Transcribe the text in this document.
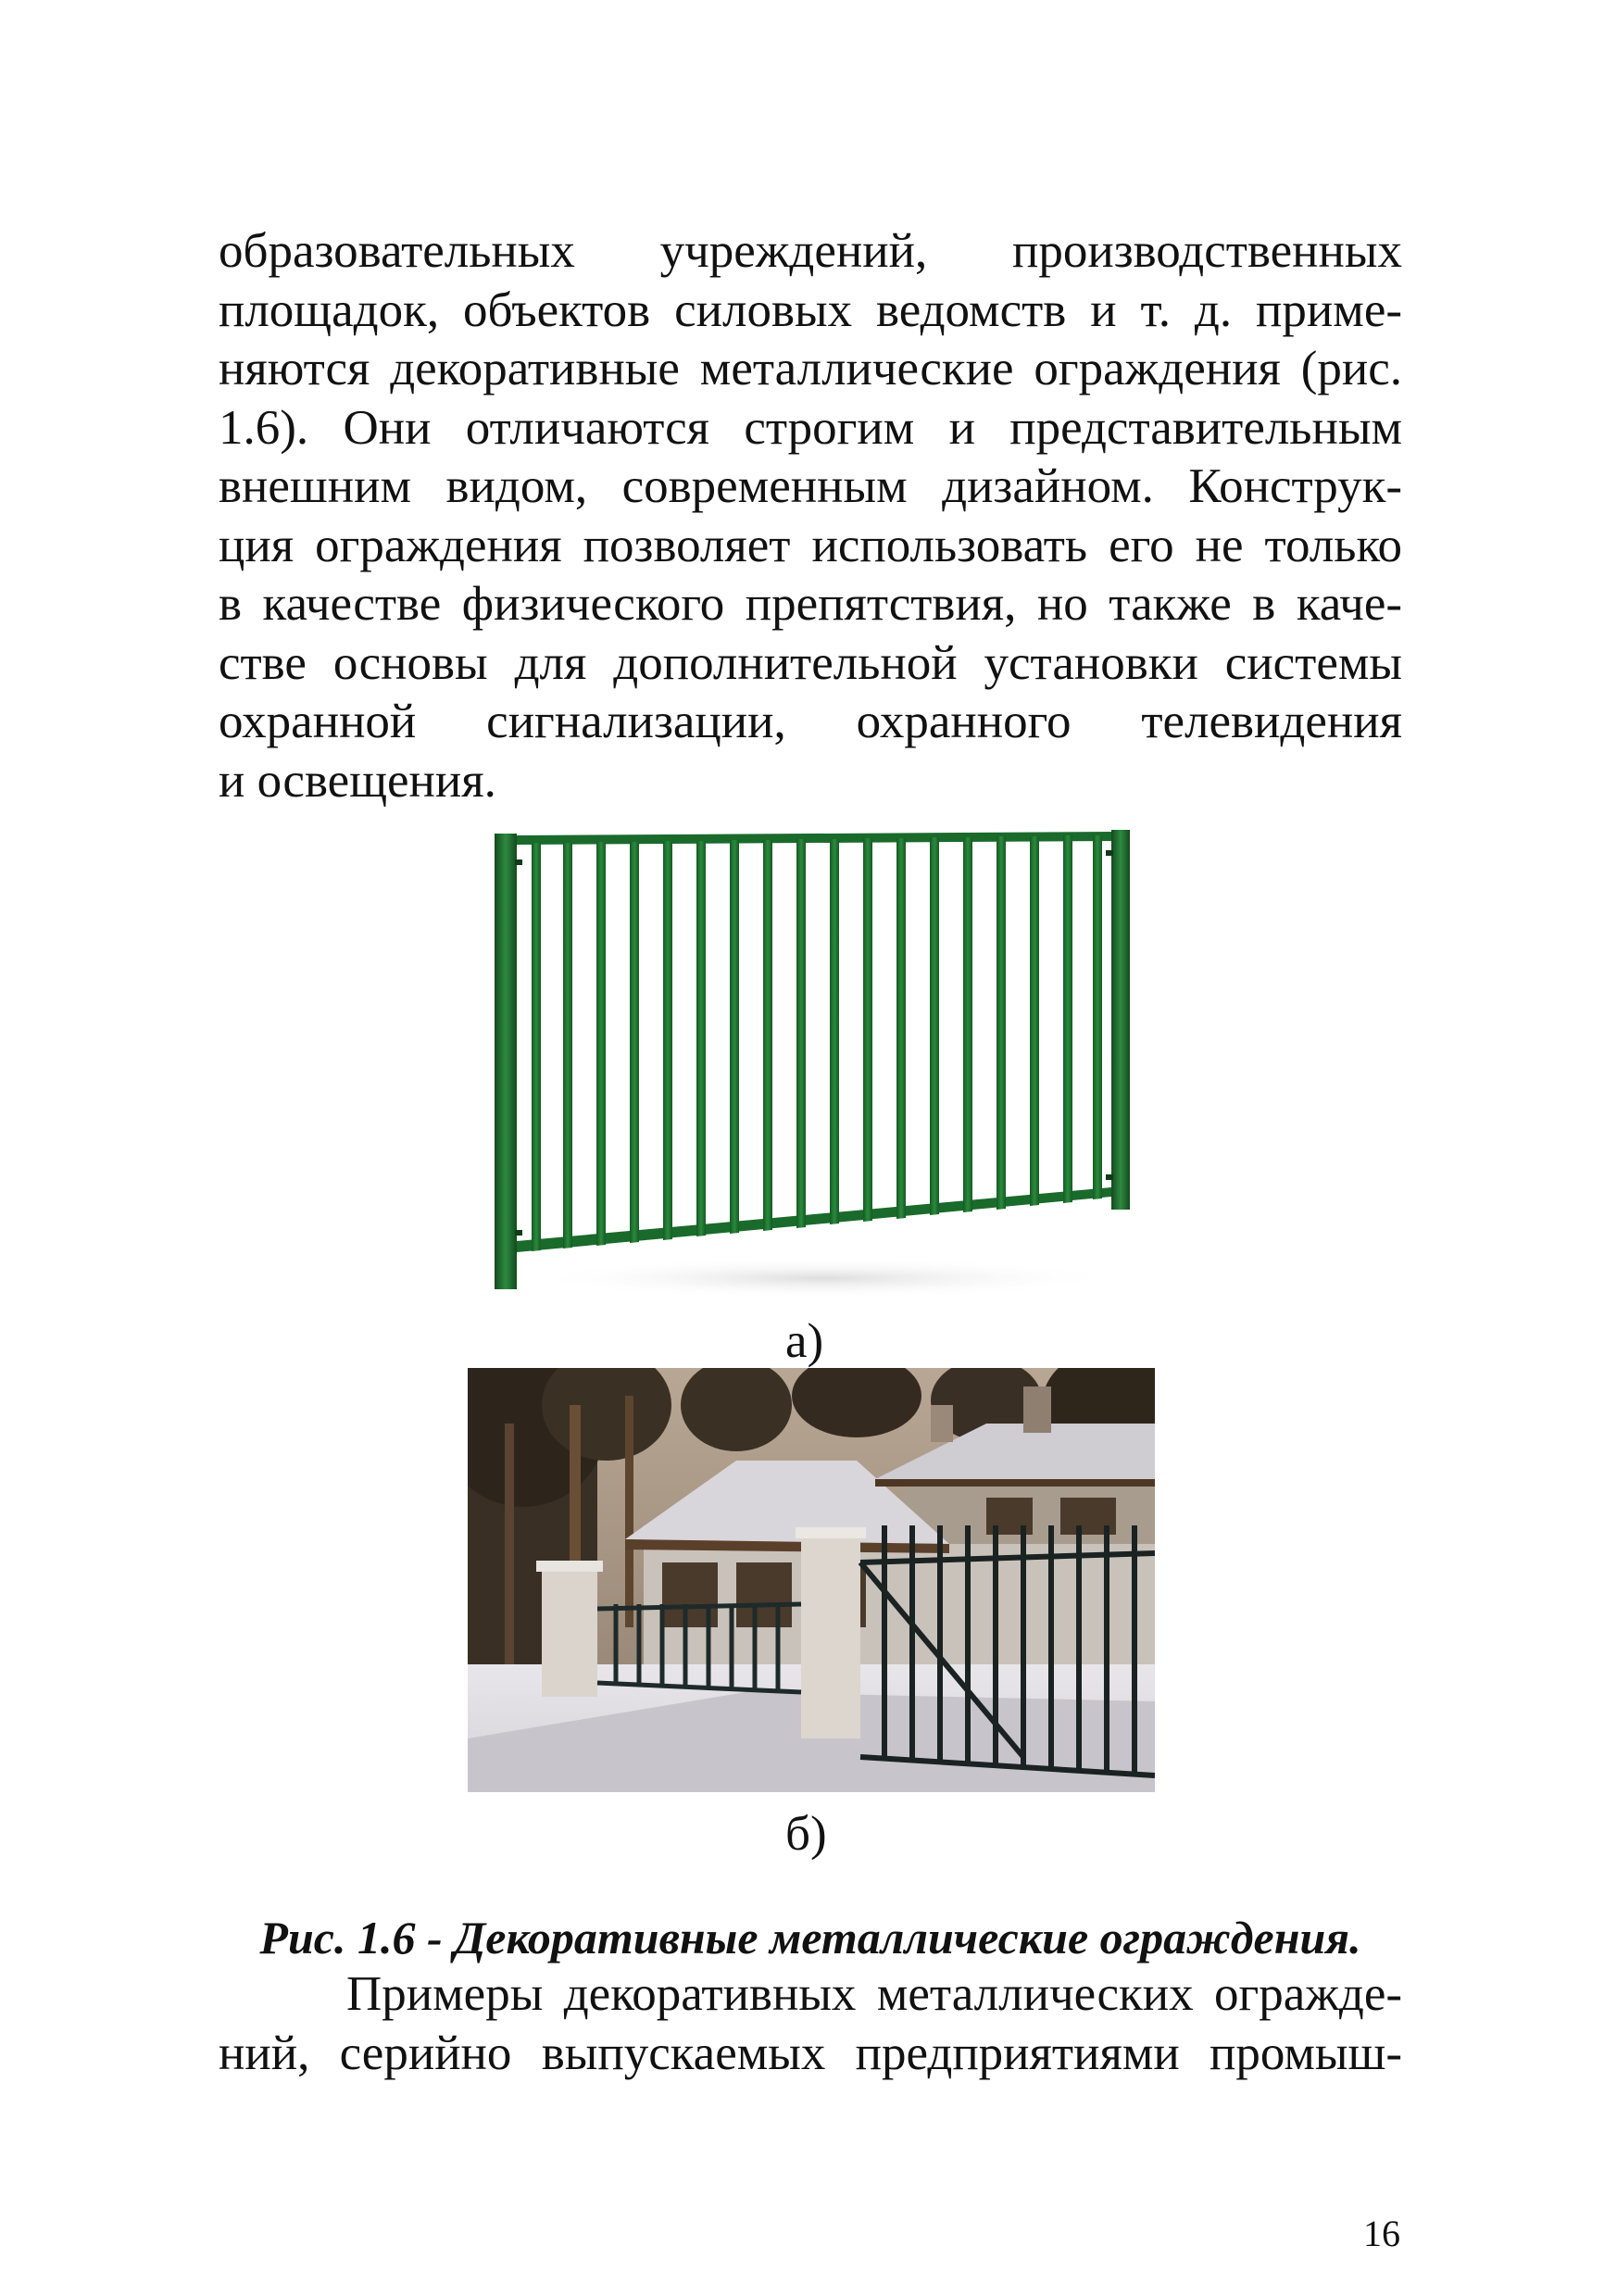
образовательных учреждений, производственных
площадок, объектов силовых ведомств и т. д. приме-
няются декоративные металлические ограждения (рис.
1.6). Они отличаются строгим и представительным
внешним видом, современным дизайном. Конструк-
ция ограждения позволяет использовать его не только
в качестве физического препятствия, но также в каче-
стве основы для дополнительной установки системы
охранной сигнализации, охранного телевидения
и освещения.
а)
б)
Рис. 1.6 - Декоративные металлические ограждения.
Примеры декоративных металлических огражде-
ний, серийно выпускаемых предприятиями промыш-
16
